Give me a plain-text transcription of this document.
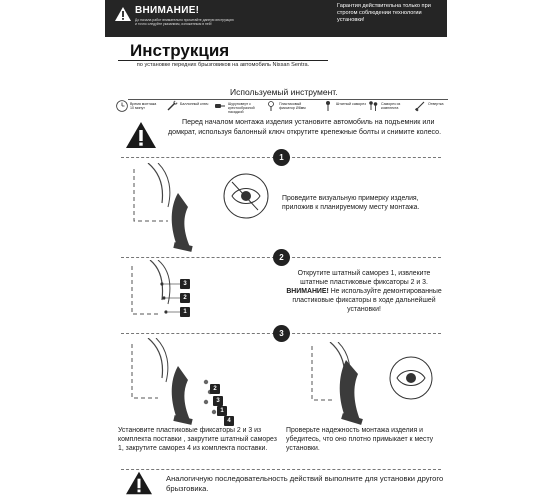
ВНИМАНИЕ!
До начала работ внимательно прочитайте данную инструкцию и точно следуйте указаниям, изложенным в ней!
Гарантия действительна только при строгом соблюдении технологии установки!
Инструкция
по установке передних брызговиков на автомобиль Nissan Sentra.
Используемый инструмент.
Время монтажа 10 минут
Баллонный ключ	Шуруповерт с крестообразной насадкой
Пластиковый фиксатор Ø8мм
Штатный саморез	Саморез из комплекта
Отвертка
Перед началом монтажа изделия установите автомобиль на подъемник или домкрат, используя балонный ключ открутите крепежные болты и снимите колесо.
1
Проведите визуальную примерку изделия, приложив к планируемому месту монтажа.
2
3
2
1
Открутите штатный саморез 1, извлеките штатные пластиковые фиксаторы 2 и 3. ВНИМАНИЕ! Не используйте демонтированные пластиковые фиксаторы в ходе дальнейшей установки!
3
2
3
1
4
Установите пластиковые фиксаторы 2 и 3 из комплекта поставки , закрутите штатный саморез 1, закрутите саморез 4 из комплекта поставки.
Проверьте надежность монтажа изделия и убедитесь, что оно плотно примыкает к месту установки.
Аналогичную последовательность действий выполните для установки другого брызговика.
